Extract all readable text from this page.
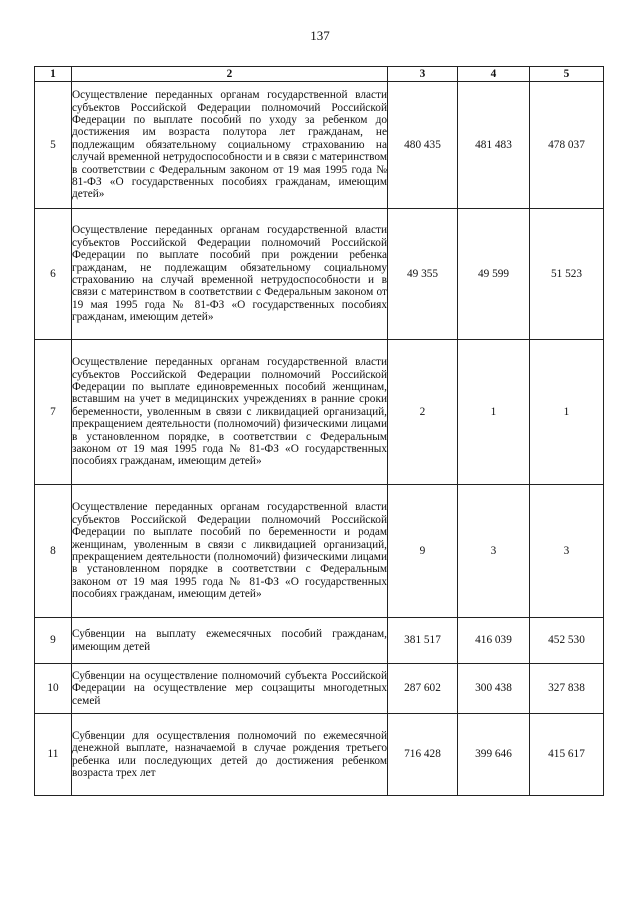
137
1	2	3	4	5
5	Осуществление переданных органам государственной власти субъектов Российской Федерации полномочий Российской Федерации по выплате пособий по уходу за ребенком до достижения им возраста полутора лет гражданам, не подлежащим обязательному социальному страхованию на случай временной нетрудоспособности и в связи с материнством в соответствии с Федеральным законом от 19 мая 1995 года № 81-ФЗ «О государственных пособиях гражданам, имеющим детей»	480 435	481 483	478 037
6	Осуществление переданных органам государственной власти субъектов Российской Федерации полномочий Российской Федерации по выплате пособий при рождении ребенка гражданам, не подлежащим обязательному социальному страхованию на случай временной нетрудоспособности и в связи с материнством в соответствии с Федеральным законом от 19 мая 1995 года № 81-ФЗ «О государственных пособиях гражданам, имеющим детей»	49 355	49 599	51 523
7	Осуществление переданных органам государственной власти субъектов Российской Федерации полномочий Российской Федерации по выплате единовременных пособий женщинам, вставшим на учет в медицинских учреждениях в ранние сроки беременности, уволенным в связи с ликвидацией организаций, прекращением деятельности (полномочий) физическими лицами в установленном порядке, в соответствии с Федеральным законом от 19 мая 1995 года № 81-ФЗ «О государственных пособиях гражданам, имеющим детей»	2	1	1
8	Осуществление переданных органам государственной власти субъектов Российской Федерации полномочий Российской Федерации по выплате пособий по беременности и родам женщинам, уволенным в связи с ликвидацией организаций, прекращением деятельности (полномочий) физическими лицами в установленном порядке в соответствии с Федеральным законом от 19 мая 1995 года № 81-ФЗ «О государственных пособиях гражданам, имеющим детей»	9	3	3
9	Субвенции на выплату ежемесячных пособий гражданам, имеющим детей	381 517	416 039	452 530
10	Субвенции на осуществление полномочий субъекта Российской Федерации на осуществление мер соцзащиты многодетных семей	287 602	300 438	327 838
11	Субвенции для осуществления полномочий по ежемесячной денежной выплате, назначаемой в случае рождения третьего ребенка или последующих детей до достижения ребенком возраста трех лет	716 428	399 646	415 617
